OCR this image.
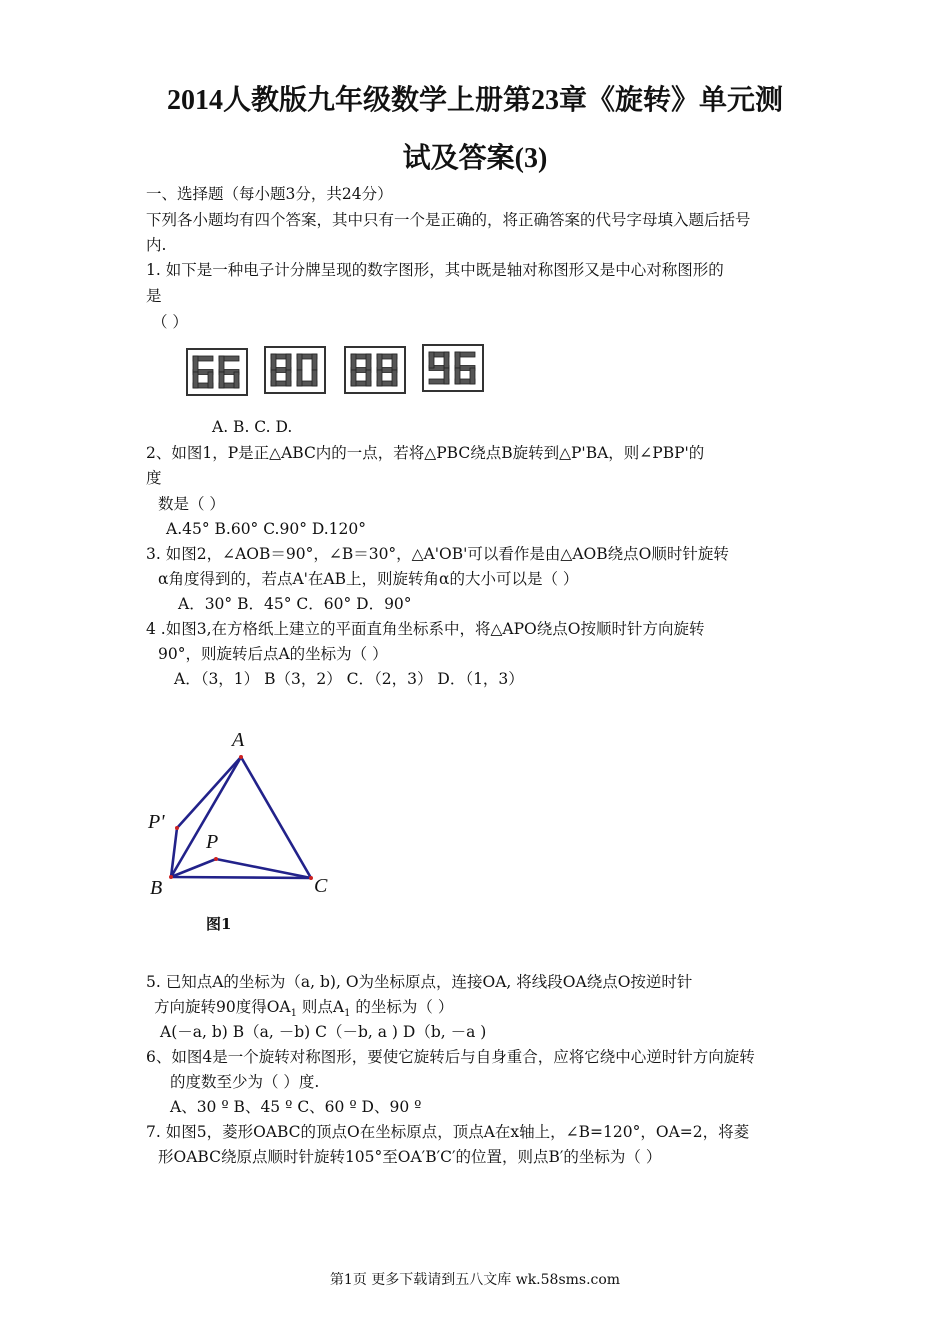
2014人教版九年级数学上册第23章《旋转》单元测
试及答案(3)
一、选择题（每小题3分，共24分）
下列各小题均有四个答案，其中只有一个是正确的，将正确答案的代号字母填入题后括号
内.
1. 如下是一种电子计分牌呈现的数字图形，其中既是轴对称图形又是中心对称图形的
是
（ ）
A. B. C. D.
2、如图1，P是正△ABC内的一点，若将△PBC绕点B旋转到△P'BA，则∠PBP'的
度
数是（ ）
A.45° B.60° C.90° D.120°
3. 如图2，∠AOB＝90°，∠B＝30°，△A'OB'可以看作是由△AOB绕点O顺时针旋转
α角度得到的，若点A'在AB上，则旋转角α的大小可以是（ ）
A．30° B．45° C．60° D．90°
4 .如图3,在方格纸上建立的平面直角坐标系中，将△APO绕点O按顺时针方向旋转
90°，则旋转后点A的坐标为（ ）
A．（3，1） B（3，2） C．（2，3） D．（1，3）
A
P'
P
B	C
图1
5. 已知点A的坐标为（a, b), O为坐标原点，连接OA, 将线段OA绕点O按逆时针
方向旋转90度得$OA_1$ 则点$A_1$ 的坐标为（ ）
A(－a, b) B（a, －b) C（－b, a ) D（b, －a )
6、如图4是一个旋转对称图形，要使它旋转后与自身重合，应将它绕中心逆时针方向旋转
的度数至少为（ ）度.
A、30 º B、45 º C、60 º D、90 º
7. 如图5，菱形OABC的顶点O在坐标原点，顶点A在x轴上，∠B=120°，OA=2，将菱
形OABC绕原点顺时针旋转105°至OA′B′C′的位置，则点B′的坐标为（ ）
第1页 更多下载请到五八文库 wk.58sms.com
